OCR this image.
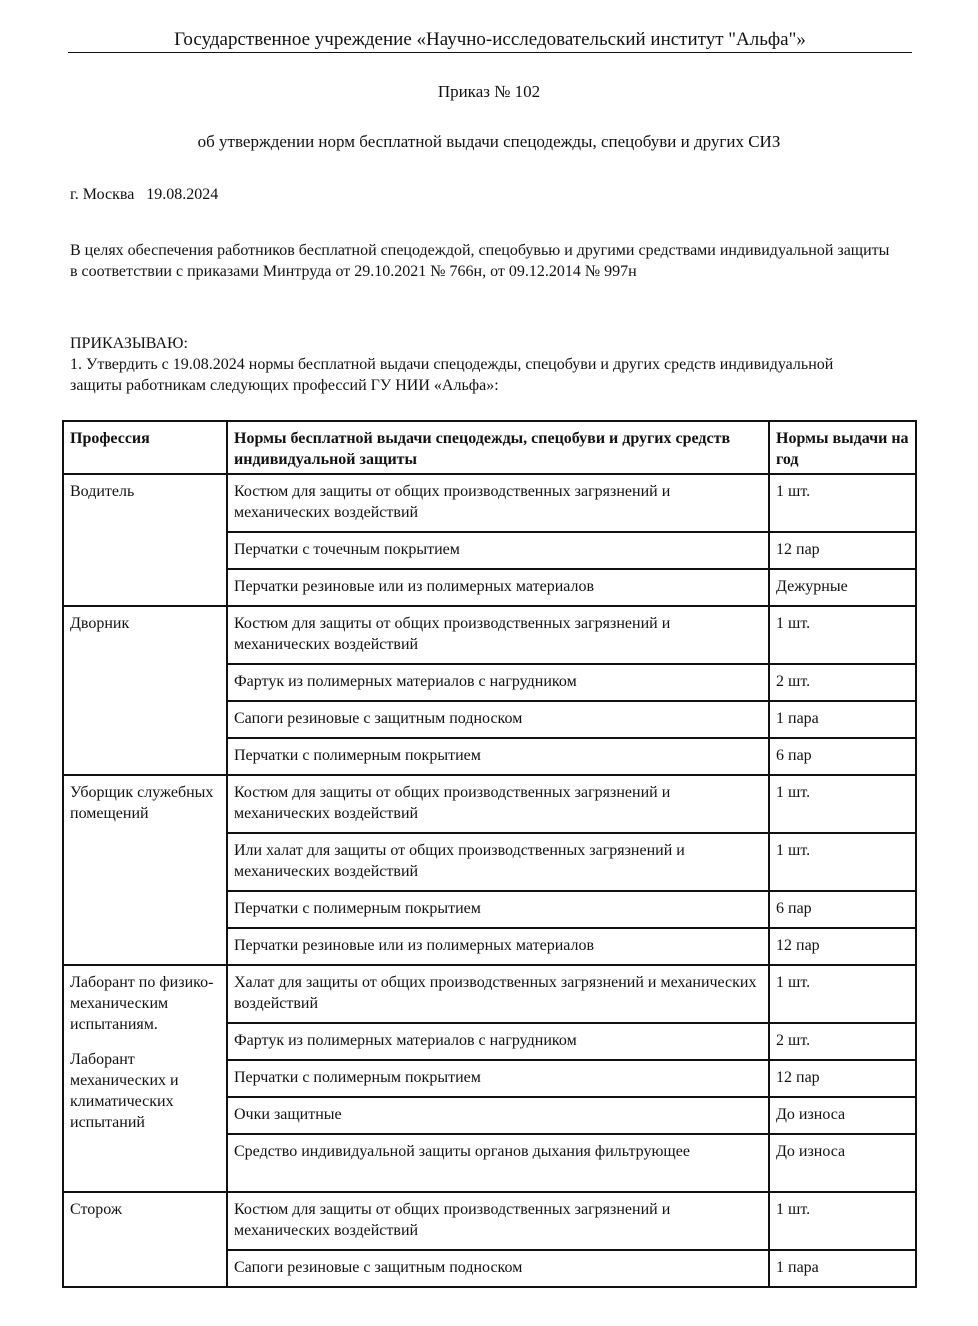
Государственное учреждение «Научно-исследовательский институт "Альфа"»
Приказ № 102
об утверждении норм бесплатной выдачи спецодежды, спецобуви и других СИЗ
г. Москва   19.08.2024
В целях обеспечения работников бесплатной спецодеждой, спецобувью и другими средствами индивидуальной защиты в соответствии с приказами Минтруда от 29.10.2021 № 766н, от 09.12.2014 № 997н
ПРИКАЗЫВАЮ:
1. Утвердить с 19.08.2024 нормы бесплатной выдачи спецодежды, спецобуви и других средств индивидуальной защиты работникам следующих профессий ГУ НИИ «Альфа»:
Профессия	Нормы бесплатной выдачи спецодежды, спецобуви и других средств индивидуальной защиты	Нормы выдачи на год

Водитель	Костюм для защиты от общих производственных загрязнений и механических воздействий	1 шт.
	Перчатки с точечным покрытием	12 пар
	Перчатки резиновые или из полимерных материалов	Дежурные

Дворник	Костюм для защиты от общих производственных загрязнений и механических воздействий	1 шт.
	Фартук из полимерных материалов с нагрудником	2 шт.
	Сапоги резиновые с защитным подноском	1 пара
	Перчатки с полимерным покрытием	6 пар

Уборщик служебных помещений	Костюм для защиты от общих производственных загрязнений и механических воздействий	1 шт.
	Или халат для защиты от общих производственных загрязнений и механических воздействий	1 шт.
	Перчатки с полимерным покрытием	6 пар
	Перчатки резиновые или из полимерных материалов	12 пар

Лаборант по физико-механическим испытаниям.
Лаборант механических и климатических испытаний	Халат для защиты от общих производственных загрязнений и механических воздействий	1 шт.
	Фартук из полимерных материалов с нагрудником	2 шт.
	Перчатки с полимерным покрытием	12 пар
	Очки защитные	До износа
	Средство индивидуальной защиты органов дыхания фильтрующее	До износа

Сторож	Костюм для защиты от общих производственных загрязнений и механических воздействий	1 шт.
	Сапоги резиновые с защитным подноском	1 пара
